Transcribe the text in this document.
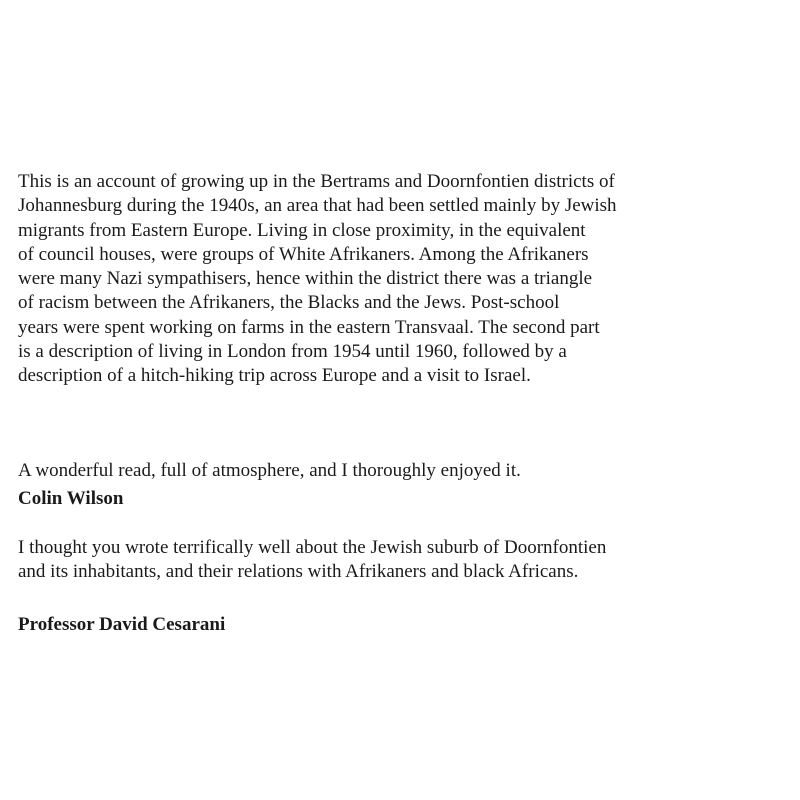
This is an account of growing up in the Bertrams and Doornfontien districts of
Johannesburg during the 1940s, an area that had been settled mainly by Jewish
migrants from Eastern Europe. Living in close proximity, in the equivalent
of council houses, were groups of White Afrikaners. Among the Afrikaners
were many Nazi sympathisers, hence within the district there was a triangle
of racism between the Afrikaners, the Blacks and the Jews. Post-school
years were spent working on farms in the eastern Transvaal. The second part
is a description of living in London from 1954 until 1960, followed by a
description of a hitch-hiking trip across Europe and a visit to Israel.

A wonderful read, full of atmosphere, and I thoroughly enjoyed it.

Colin Wilson

I thought you wrote terrifically well about the Jewish suburb of Doornfontien
and its inhabitants, and their relations with Afrikaners and black Africans.

Professor David Cesarani
